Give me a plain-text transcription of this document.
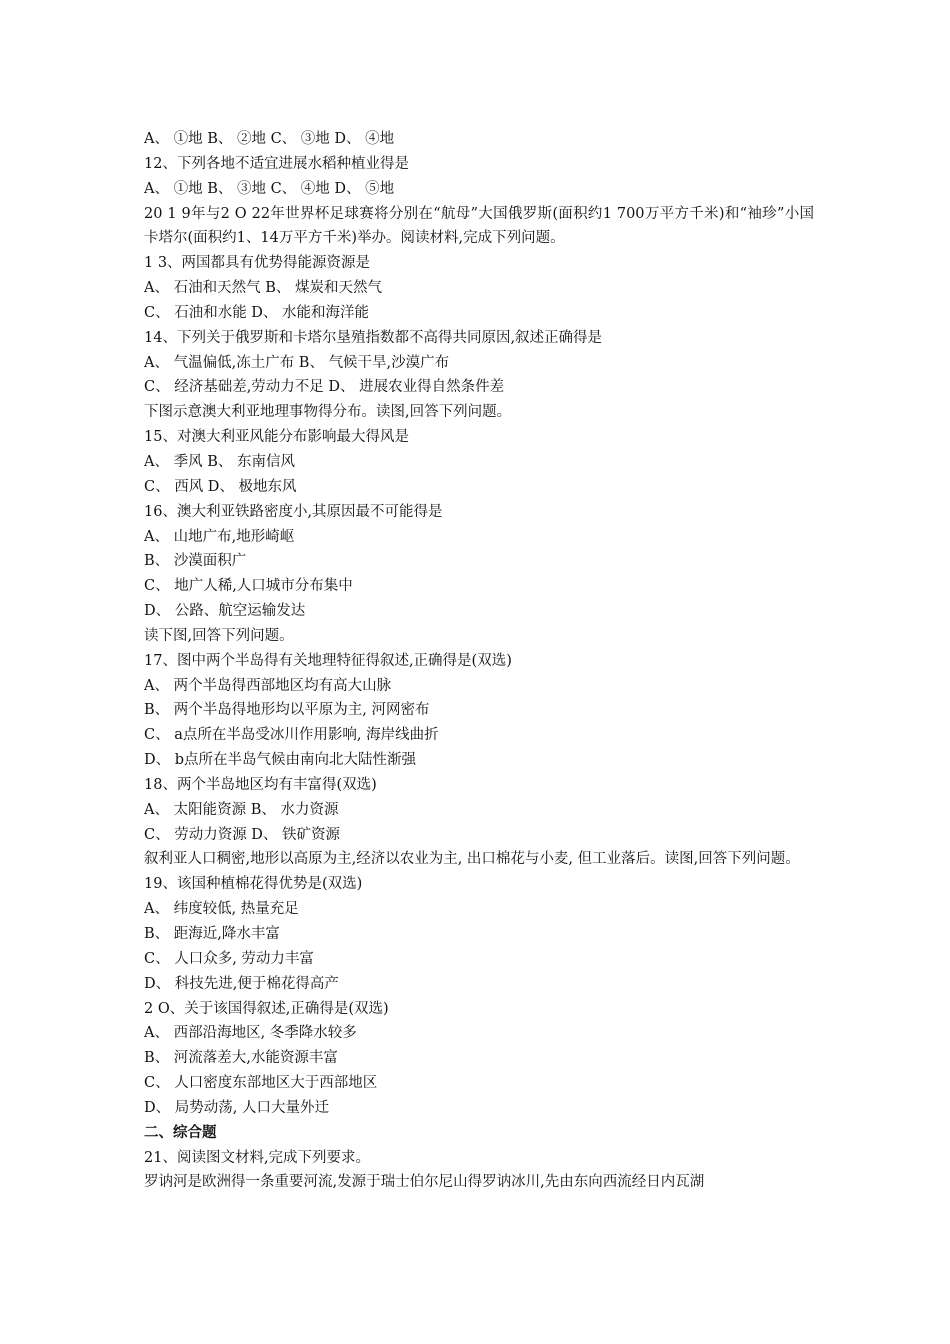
A、 ①地 B、 ②地 C、 ③地 D、 ④地
12、下列各地不适宜进展水稻种植业得是
A、 ①地 B、 ③地 C、 ④地 D、 ⑤地
20 1 9年与2 O 22年世界杯足球赛将分别在“航母”大国俄罗斯(面积约1 700万平方千米)和“袖珍”小国卡塔尔(面积约1、14万平方千米)举办。阅读材料,完成下列问题。
1 3、两国都具有优势得能源资源是
A、 石油和天然气 B、 煤炭和天然气
C、 石油和水能 D、 水能和海洋能
14、下列关于俄罗斯和卡塔尔垦殖指数都不高得共同原因,叙述正确得是
A、 气温偏低,冻土广布 B、 气候干旱,沙漠广布
C、 经济基础差,劳动力不足 D、 进展农业得自然条件差
下图示意澳大利亚地理事物得分布。读图,回答下列问题。
15、对澳大利亚风能分布影响最大得风是
A、 季风 B、 东南信风
C、 西风 D、 极地东风
16、澳大利亚铁路密度小,其原因最不可能得是
A、 山地广布,地形崎岖
B、 沙漠面积广
C、 地广人稀,人口城市分布集中
D、 公路、航空运输发达
读下图,回答下列问题。
17、图中两个半岛得有关地理特征得叙述,正确得是(双选)
A、 两个半岛得西部地区均有高大山脉
B、 两个半岛得地形均以平原为主, 河网密布
C、 a点所在半岛受冰川作用影响, 海岸线曲折
D、 b点所在半岛气候由南向北大陆性渐强
18、两个半岛地区均有丰富得(双选)
A、 太阳能资源 B、 水力资源
C、 劳动力资源 D、 铁矿资源
叙利亚人口稠密,地形以高原为主,经济以农业为主, 出口棉花与小麦, 但工业落后。读图,回答下列问题。
19、该国种植棉花得优势是(双选)
A、 纬度较低, 热量充足
B、 距海近,降水丰富
C、 人口众多, 劳动力丰富
D、 科技先进,便于棉花得高产
2 O、关于该国得叙述,正确得是(双选)
A、 西部沿海地区, 冬季降水较多
B、 河流落差大,水能资源丰富
C、 人口密度东部地区大于西部地区
D、 局势动荡, 人口大量外迁
二、综合题
21、阅读图文材料,完成下列要求。
罗讷河是欧洲得一条重要河流,发源于瑞士伯尔尼山得罗讷冰川,先由东向西流经日内瓦湖
